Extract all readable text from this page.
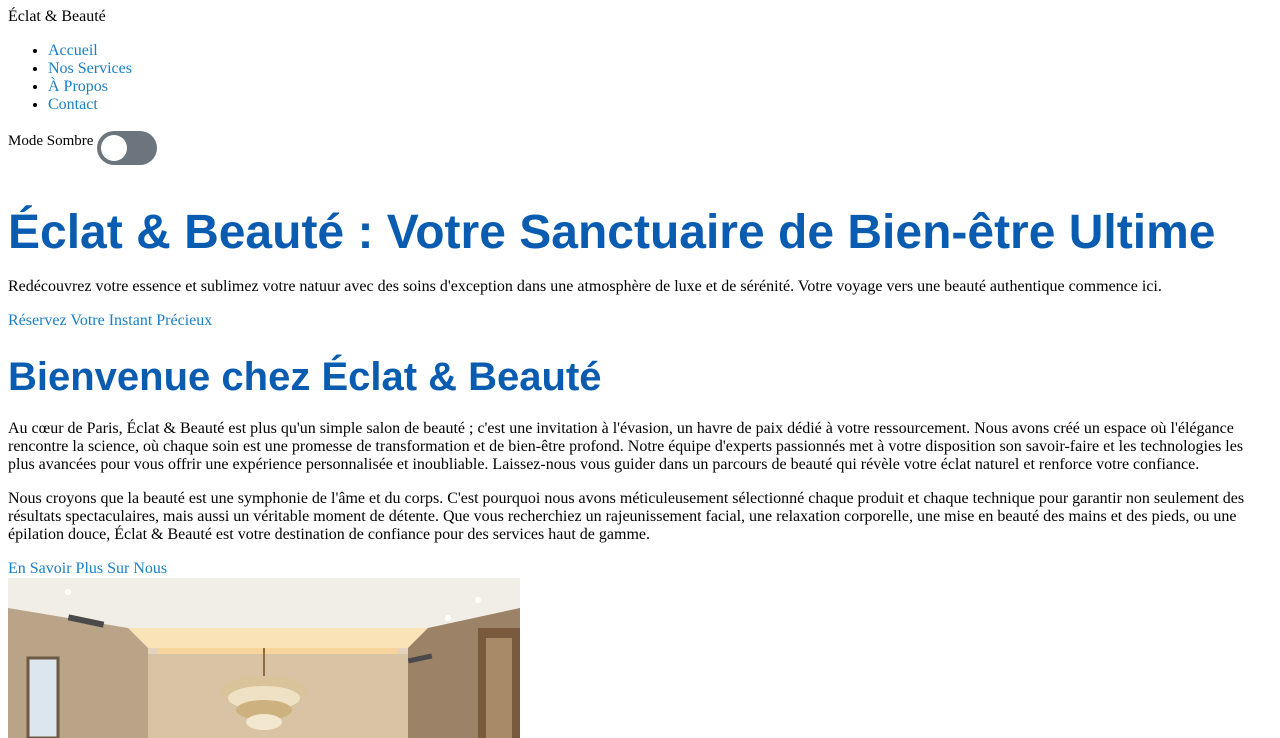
Éclat & Beauté
• Accueil
• Nos Services
• À Propos
• Contact
Mode Sombre
Éclat & Beauté : Votre Sanctuaire de Bien-être Ultime

Redécouvrez votre essence et sublimez votre natuur avec des soins d'exception dans une atmosphère de luxe et de sérénité. Votre voyage vers une beauté authentique commence ici.

Réservez Votre Instant Précieux
Bienvenue chez Éclat & Beauté

Au cœur de Paris, Éclat & Beauté est plus qu'un simple salon de beauté ; c'est une invitation à l'évasion, un havre de paix dédié à votre ressourcement. Nous avons créé un espace où l'élégance rencontre la science, où chaque soin est une promesse de transformation et de bien-être profond. Notre équipe d'experts passionnés met à votre disposition son savoir-faire et les technologies les plus avancées pour vous offrir une expérience personnalisée et inoubliable. Laissez-nous vous guider dans un parcours de beauté qui révèle votre éclat naturel et renforce votre confiance.

Nous croyons que la beauté est une symphonie de l'âme et du corps. C'est pourquoi nous avons méticuleusement sélectionné chaque produit et chaque technique pour garantir non seulement des résultats spectaculaires, mais aussi un véritable moment de détente. Que vous recherchiez un rajeunissement facial, une relaxation corporelle, une mise en beauté des mains et des pieds, ou une épilation douce, Éclat & Beauté est votre destination de confiance pour des services haut de gamme.

En Savoir Plus Sur Nous
